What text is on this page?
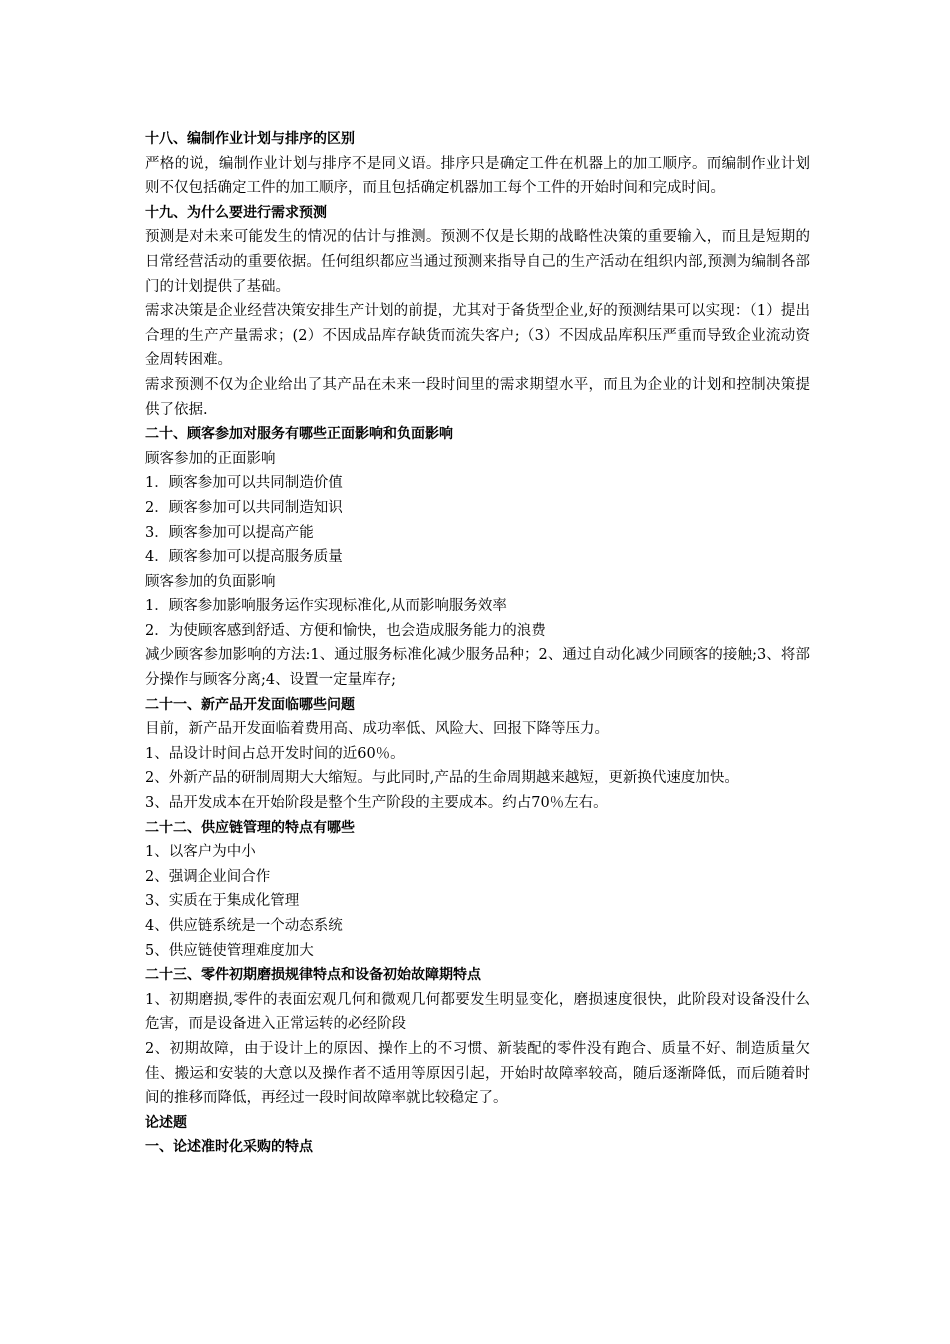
十八、编制作业计划与排序的区别
严格的说，编制作业计划与排序不是同义语。排序只是确定工件在机器上的加工顺序。而编制作业计划则不仅包括确定工件的加工顺序，而且包括确定机器加工每个工件的开始时间和完成时间。
十九、为什么要进行需求预测
预测是对未来可能发生的情况的估计与推测。预测不仅是长期的战略性决策的重要输入，而且是短期的日常经营活动的重要依据。任何组织都应当通过预测来指导自己的生产活动在组织内部,预测为编制各部门的计划提供了基础。
需求决策是企业经营决策安排生产计划的前提，尤其对于备货型企业,好的预测结果可以实现：（1）提出合理的生产产量需求；(2）不因成品库存缺货而流失客户;（3）不因成品库积压严重而导致企业流动资金周转困难。
需求预测不仅为企业给出了其产品在未来一段时间里的需求期望水平，而且为企业的计划和控制决策提供了依据.
二十、顾客参加对服务有哪些正面影响和负面影响
顾客参加的正面影响
1．顾客参加可以共同制造价值
2．顾客参加可以共同制造知识
3．顾客参加可以提高产能
4．顾客参加可以提高服务质量
顾客参加的负面影响
1．顾客参加影响服务运作实现标准化,从而影响服务效率
2．为使顾客感到舒适、方便和愉快，也会造成服务能力的浪费
减少顾客参加影响的方法:1、通过服务标准化减少服务品种；2、通过自动化减少同顾客的接触;3、将部分操作与顾客分离;4、设置一定量库存;
二十一、新产品开发面临哪些问题
目前，新产品开发面临着费用高、成功率低、风险大、回报下降等压力。
1、品设计时间占总开发时间的近60％。
2、外新产品的研制周期大大缩短。与此同时,产品的生命周期越来越短，更新换代速度加快。
3、品开发成本在开始阶段是整个生产阶段的主要成本。约占70％左右。
二十二、供应链管理的特点有哪些
1、以客户为中小
2、强调企业间合作
3、实质在于集成化管理
4、供应链系统是一个动态系统
5、供应链使管理难度加大
二十三、零件初期磨损规律特点和设备初始故障期特点
1、初期磨损,零件的表面宏观几何和微观几何都要发生明显变化，磨损速度很快，此阶段对设备没什么危害，而是设备进入正常运转的必经阶段
2、初期故障，由于设计上的原因、操作上的不习惯、新装配的零件没有跑合、质量不好、制造质量欠佳、搬运和安装的大意以及操作者不适用等原因引起，开始时故障率较高，随后逐渐降低，而后随着时间的推移而降低，再经过一段时间故障率就比较稳定了。
论述题
一、论述准时化采购的特点
